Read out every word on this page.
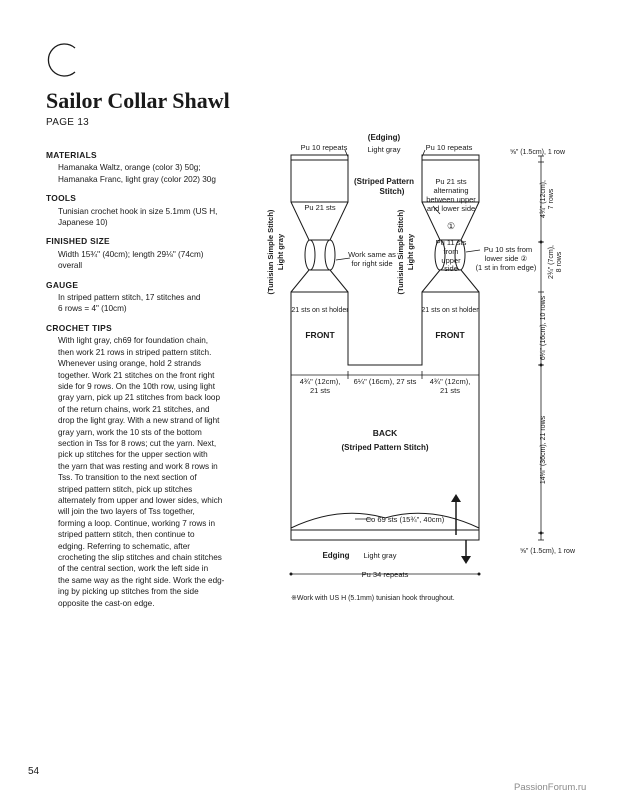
Sailor Collar Shawl
PAGE 13
MATERIALS
Hamanaka Waltz, orange (color 3) 50g;
Hamanaka Franc, light gray (color 202) 30g
TOOLS
Tunisian crochet hook in size 5.1mm (US H,
Japanese 10)
FINISHED SIZE
Width 15¾" (40cm); length 29⅛" (74cm)
overall
GAUGE
In striped pattern stitch, 17 stitches and
6 rows = 4" (10cm)
CROCHET TIPS
With light gray, ch69 for foundation chain,
then work 21 rows in striped pattern stitch.
Whenever using orange, hold 2 strands
together. Work 21 stitches on the front right
side for 9 rows. On the 10th row, using light
gray yarn, pick up 21 stitches from back loop
of the return chains, work 21 stitches, and
drop the light gray. With a new strand of light
gray yarn, work the 10 sts of the bottom
section in Tss for 8 rows; cut the yarn. Next,
pick up stitches for the upper section with
the yarn that was resting and work 8 rows in
Tss. To transition to the next section of
striped pattern stitch, pick up stitches
alternately from upper and lower sides, which
will join the two layers of Tss together,
forming a loop. Continue, working 7 rows in
striped pattern stitch, then continue to
edging. Referring to schematic, after
crocheting the slip stitches and chain stitches
of the central section, work the left side in
the same way as the right side. Work the edg-
ing by picking up stitches from the side
opposite the cast-on edge.
(Edging)
Light gray
Pu 10 repeats	Pu 10 repeats
(Striped Pattern
Stitch)
Pu 21 sts
Pu 21 sts
alternating
between upper
and lower side
①
Work same as
for right side
Pu 11 sts
from
upper
side
Pu 10 sts from
lower side ②
(1 st in from edge)
21 sts on st holder	21 sts on st holder
FRONT	FRONT
4¾" (12cm),
21 sts
6¼" (16cm), 27 sts 4¾" (12cm),
21 sts
BACK
(Striped Pattern Stitch)
Co 69 sts (15¾", 40cm)
Edging Light gray
Pu 34 repeats
※Work with US H (5.1mm) tunisian hook throughout.
⅝" (1.5cm), 1 row
⅝" (1.5cm), 1 row
(Tunisian Simple Stitch) Light gray	(Tunisian Simple Stitch) Light gray
4¾" (12cm), 7 rows
2¾" (7cm), 8 rows
6¼" (16cm), 10 rows
14⅛" (36cm), 21 rows
54
PassionForum.ru
